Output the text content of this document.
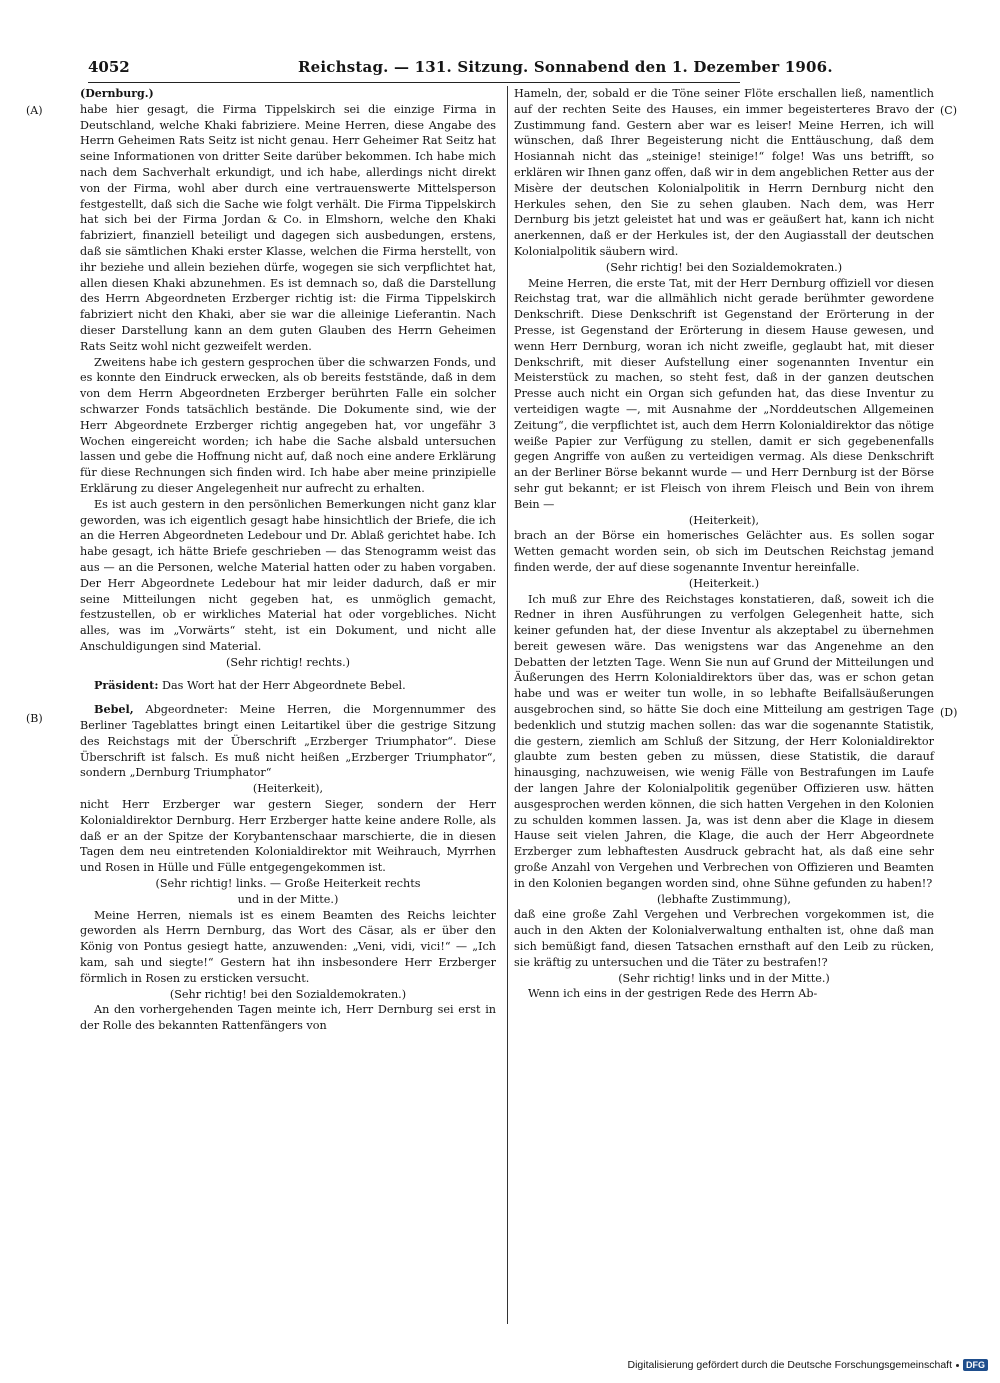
4052	Reichstag. — 131. Sitzung. Sonnabend den 1. Dezember 1906.
(A)
(B)
(C)
(D)
(Dernburg.)

habe hier gesagt, die Firma Tippelskirch sei die einzige Firma in Deutschland, welche Khaki fabriziere. Meine Herren, diese Angabe des Herrn Geheimen Rats Seitz ist nicht genau. Herr Geheimer Rat Seitz hat seine Informationen von dritter Seite darüber bekommen. Ich habe mich nach dem Sachverhalt erkundigt, und ich habe, allerdings nicht direkt von der Firma, wohl aber durch eine vertrauenswerte Mittelsperson festgestellt, daß sich die Sache wie folgt verhält. Die Firma Tippelskirch hat sich bei der Firma Jordan & Co. in Elmshorn, welche den Khaki fabriziert, finanziell beteiligt und dagegen sich ausbedungen, erstens, daß sie sämtlichen Khaki erster Klasse, welchen die Firma herstellt, von ihr beziehe und allein beziehen dürfe, wogegen sie sich verpflichtet hat, allen diesen Khaki abzunehmen. Es ist demnach so, daß die Darstellung des Herrn Abgeordneten Erzberger richtig ist: die Firma Tippelskirch fabriziert nicht den Khaki, aber sie war die alleinige Lieferantin. Nach dieser Darstellung kann an dem guten Glauben des Herrn Geheimen Rats Seitz wohl nicht gezweifelt werden.

Zweitens habe ich gestern gesprochen über die schwarzen Fonds, und es konnte den Eindruck erwecken, als ob bereits feststände, daß in dem von dem Herrn Abgeordneten Erzberger berührten Falle ein solcher schwarzer Fonds tatsächlich bestände. Die Dokumente sind, wie der Herr Abgeordnete Erzberger richtig angegeben hat, vor ungefähr 3 Wochen eingereicht worden; ich habe die Sache alsbald untersuchen lassen und gebe die Hoffnung nicht auf, daß noch eine andere Erklärung für diese Rechnungen sich finden wird. Ich habe aber meine prinzipielle Erklärung zu dieser Angelegenheit nur aufrecht zu erhalten.

Es ist auch gestern in den persönlichen Bemerkungen nicht ganz klar geworden, was ich eigentlich gesagt habe hinsichtlich der Briefe, die ich an die Herren Abgeordneten Ledebour und Dr. Ablaß gerichtet habe. Ich habe gesagt, ich hätte Briefe geschrieben — das Stenogramm weist das aus — an die Personen, welche Material hatten oder zu haben vorgaben. Der Herr Abgeordnete Ledebour hat mir leider dadurch, daß er mir seine Mitteilungen nicht gegeben hat, es unmöglich gemacht, festzustellen, ob er wirkliches Material hat oder vorgebliches. Nicht alles, was im „Vorwärts“ steht, ist ein Dokument, und nicht alle Anschuldigungen sind Material.

(Sehr richtig! rechts.)

Präsident: Das Wort hat der Herr Abgeordnete Bebel.

Bebel, Abgeordneter: Meine Herren, die Morgennummer des Berliner Tageblattes bringt einen Leitartikel über die gestrige Sitzung des Reichstags mit der Überschrift „Erzberger Triumphator“. Diese Überschrift ist falsch. Es muß nicht heißen „Erzberger Triumphator“, sondern „Dernburg Triumphator“

(Heiterkeit),

nicht Herr Erzberger war gestern Sieger, sondern der Herr Kolonialdirektor Dernburg. Herr Erzberger hatte keine andere Rolle, als daß er an der Spitze der Korybantenschaar marschierte, die in diesen Tagen dem neu eintretenden Kolonialdirektor mit Weihrauch, Myrrhen und Rosen in Hülle und Fülle entgegengekommen ist.

(Sehr richtig! links. — Große Heiterkeit rechts
und in der Mitte.)

Meine Herren, niemals ist es einem Beamten des Reichs leichter geworden als Herrn Dernburg, das Wort des Cäsar, als er über den König von Pontus gesiegt hatte, anzuwenden: „Veni, vidi, vici!“ — „Ich kam, sah und siegte!“ Gestern hat ihn insbesondere Herr Erzberger förmlich in Rosen zu ersticken versucht.

(Sehr richtig! bei den Sozialdemokraten.)

An den vorhergehenden Tagen meinte ich, Herr Dernburg sei erst in der Rolle des bekannten Rattenfängers von

Hameln, der, sobald er die Töne seiner Flöte erschallen ließ, namentlich auf der rechten Seite des Hauses, ein immer begeisterteres Bravo der Zustimmung fand. Gestern aber war es leiser! Meine Herren, ich will wünschen, daß Ihrer Begeisterung nicht die Enttäuschung, daß dem Hosiannah nicht das „steinige! steinige!“ folge! Was uns betrifft, so erklären wir Ihnen ganz offen, daß wir in dem angeblichen Retter aus der Misère der deutschen Kolonialpolitik in Herrn Dernburg nicht den Herkules sehen, den Sie zu sehen glauben. Nach dem, was Herr Dernburg bis jetzt geleistet hat und was er geäußert hat, kann ich nicht anerkennen, daß er der Herkules ist, der den Augiasstall der deutschen Kolonialpolitik säubern wird.

(Sehr richtig! bei den Sozialdemokraten.)

Meine Herren, die erste Tat, mit der Herr Dernburg offiziell vor diesen Reichstag trat, war die allmählich nicht gerade berühmter gewordene Denkschrift. Diese Denkschrift ist Gegenstand der Erörterung in der Presse, ist Gegenstand der Erörterung in diesem Hause gewesen, und wenn Herr Dernburg, woran ich nicht zweifle, geglaubt hat, mit dieser Denkschrift, mit dieser Aufstellung einer sogenannten Inventur ein Meisterstück zu machen, so steht fest, daß in der ganzen deutschen Presse auch nicht ein Organ sich gefunden hat, das diese Inventur zu verteidigen wagte —, mit Ausnahme der „Norddeutschen Allgemeinen Zeitung“, die verpflichtet ist, auch dem Herrn Kolonialdirektor das nötige weiße Papier zur Verfügung zu stellen, damit er sich gegebenenfalls gegen Angriffe von außen zu verteidigen vermag. Als diese Denkschrift an der Berliner Börse bekannt wurde — und Herr Dernburg ist der Börse sehr gut bekannt; er ist Fleisch von ihrem Fleisch und Bein von ihrem Bein —

(Heiterkeit),

brach an der Börse ein homerisches Gelächter aus. Es sollen sogar Wetten gemacht worden sein, ob sich im Deutschen Reichstag jemand finden werde, der auf diese sogenannte Inventur hereinfalle.

(Heiterkeit.)

Ich muß zur Ehre des Reichstages konstatieren, daß, soweit ich die Redner in ihren Ausführungen zu verfolgen Gelegenheit hatte, sich keiner gefunden hat, der diese Inventur als akzeptabel zu übernehmen bereit gewesen wäre. Das wenigstens war das Angenehme an den Debatten der letzten Tage. Wenn Sie nun auf Grund der Mitteilungen und Äußerungen des Herrn Kolonialdirektors über das, was er schon getan habe und was er weiter tun wolle, in so lebhafte Beifallsäußerungen ausgebrochen sind, so hätte Sie doch eine Mitteilung am gestrigen Tage bedenklich und stutzig machen sollen: das war die sogenannte Statistik, die gestern, ziemlich am Schluß der Sitzung, der Herr Kolonialdirektor glaubte zum besten geben zu müssen, diese Statistik, die darauf hinausging, nachzuweisen, wie wenig Fälle von Bestrafungen im Laufe der langen Jahre der Kolonialpolitik gegenüber Offizieren usw. hätten ausgesprochen werden können, die sich hatten Vergehen in den Kolonien zu schulden kommen lassen. Ja, was ist denn aber die Klage in diesem Hause seit vielen Jahren, die Klage, die auch der Herr Abgeordnete Erzberger zum lebhaftesten Ausdruck gebracht hat, als daß eine sehr große Anzahl von Vergehen und Verbrechen von Offizieren und Beamten in den Kolonien begangen worden sind, ohne Sühne gefunden zu haben!?

(lebhafte Zustimmung),

daß eine große Zahl Vergehen und Verbrechen vorgekommen ist, die auch in den Akten der Kolonialverwaltung enthalten ist, ohne daß man sich bemüßigt fand, diesen Tatsachen ernsthaft auf den Leib zu rücken, sie kräftig zu untersuchen und die Täter zu bestrafen!?

(Sehr richtig! links und in der Mitte.)

Wenn ich eins in der gestrigen Rede des Herrn Ab-

Digitalisierung gefördert durch die Deutsche Forschungsgemeinschaft	DFG
